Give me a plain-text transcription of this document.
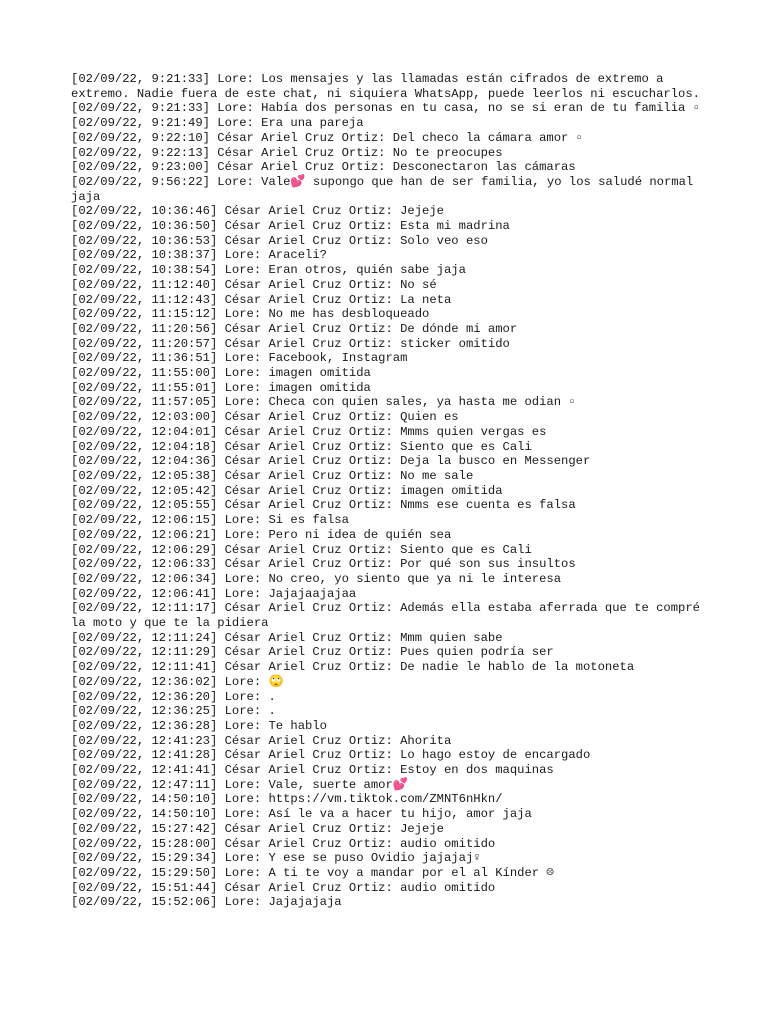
[02/09/22, 9:21:33] Lore: Los mensajes y las llamadas están cifrados de extremo a extremo. Nadie fuera de este chat, ni siquiera WhatsApp, puede leerlos ni escucharlos.
[02/09/22, 9:21:33] Lore: Había dos personas en tu casa, no se si eran de tu familia ▫
[02/09/22, 9:21:49] Lore: Era una pareja
[02/09/22, 9:22:10] César Ariel Cruz Ortiz: Del checo la cámara amor ▫
[02/09/22, 9:22:13] César Ariel Cruz Ortiz: No te preocupes
[02/09/22, 9:23:00] César Ariel Cruz Ortiz: Desconectaron las cámaras
[02/09/22, 9:56:22] Lore: Vale💕 supongo que han de ser familia, yo los saludé normal jaja
[02/09/22, 10:36:46] César Ariel Cruz Ortiz: Jejeje
[02/09/22, 10:36:50] César Ariel Cruz Ortiz: Esta mi madrina
[02/09/22, 10:36:53] César Ariel Cruz Ortiz: Solo veo eso
[02/09/22, 10:38:37] Lore: Araceli?
[02/09/22, 10:38:54] Lore: Eran otros, quién sabe jaja
[02/09/22, 11:12:40] César Ariel Cruz Ortiz: No sé
[02/09/22, 11:12:43] César Ariel Cruz Ortiz: La neta
[02/09/22, 11:15:12] Lore: No me has desbloqueado
[02/09/22, 11:20:56] César Ariel Cruz Ortiz: De dónde mi amor
[02/09/22, 11:20:57] César Ariel Cruz Ortiz: sticker omitido
[02/09/22, 11:36:51] Lore: Facebook, Instagram
[02/09/22, 11:55:00] Lore: imagen omitida
[02/09/22, 11:55:01] Lore: imagen omitida
[02/09/22, 11:57:05] Lore: Checa con quien sales, ya hasta me odian ▫
[02/09/22, 12:03:00] César Ariel Cruz Ortiz: Quien es
[02/09/22, 12:04:01] César Ariel Cruz Ortiz: Mmms quien vergas es
[02/09/22, 12:04:18] César Ariel Cruz Ortiz: Siento que es Cali
[02/09/22, 12:04:36] César Ariel Cruz Ortiz: Deja la busco en Messenger
[02/09/22, 12:05:38] César Ariel Cruz Ortiz: No me sale
[02/09/22, 12:05:42] César Ariel Cruz Ortiz: imagen omitida
[02/09/22, 12:05:55] César Ariel Cruz Ortiz: Nmms ese cuenta es falsa
[02/09/22, 12:06:15] Lore: Si es falsa
[02/09/22, 12:06:21] Lore: Pero ni idea de quién sea
[02/09/22, 12:06:29] César Ariel Cruz Ortiz: Siento que es Cali
[02/09/22, 12:06:33] César Ariel Cruz Ortiz: Por qué son sus insultos
[02/09/22, 12:06:34] Lore: No creo, yo siento que ya ni le interesa
[02/09/22, 12:06:41] Lore: Jajajaajajaa
[02/09/22, 12:11:17] César Ariel Cruz Ortiz: Además ella estaba aferrada que te compré la moto y que te la pidiera
[02/09/22, 12:11:24] César Ariel Cruz Ortiz: Mmm quien sabe
[02/09/22, 12:11:29] César Ariel Cruz Ortiz: Pues quien podría ser
[02/09/22, 12:11:41] César Ariel Cruz Ortiz: De nadie le hablo de la motoneta
[02/09/22, 12:36:02] Lore: 🙄
[02/09/22, 12:36:20] Lore: .
[02/09/22, 12:36:25] Lore: .
[02/09/22, 12:36:28] Lore: Te hablo
[02/09/22, 12:41:23] César Ariel Cruz Ortiz: Ahorita
[02/09/22, 12:41:28] César Ariel Cruz Ortiz: Lo hago estoy de encargado
[02/09/22, 12:41:41] César Ariel Cruz Ortiz: Estoy en dos maquinas
[02/09/22, 12:47:11] Lore: Vale, suerte amor💕
[02/09/22, 14:50:10] Lore: https://vm.tiktok.com/ZMNT6nHkn/
[02/09/22, 14:50:10] Lore: Así le va a hacer tu hijo, amor jaja
[02/09/22, 15:27:42] César Ariel Cruz Ortiz: Jejeje
[02/09/22, 15:28:00] César Ariel Cruz Ortiz: audio omitido
[02/09/22, 15:29:34] Lore: Y ese se puso Ovidio jajajaj♀
[02/09/22, 15:29:50] Lore: A ti te voy a mandar por el al Kínder ☹
[02/09/22, 15:51:44] César Ariel Cruz Ortiz: audio omitido
[02/09/22, 15:52:06] Lore: Jajajajaja
